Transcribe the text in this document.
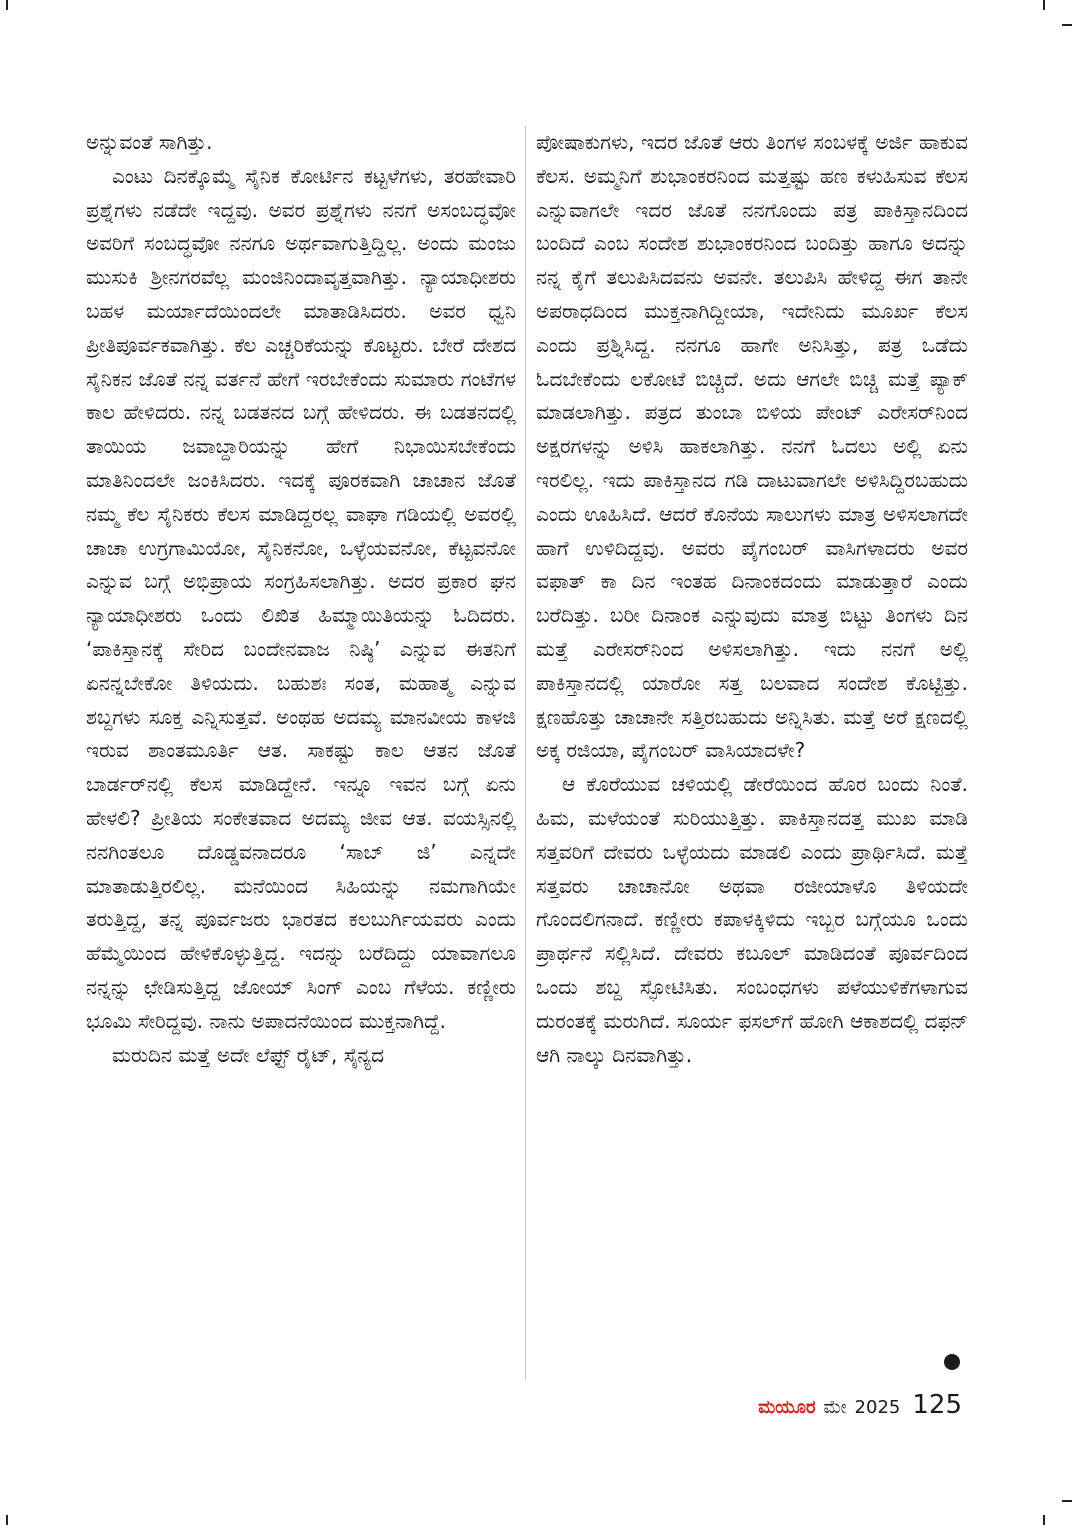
ಅನ್ನುವಂತೆ ಸಾಗಿತ್ತು.

ಎಂಟು ದಿನಕ್ಕೊಮ್ಮೆ ಸೈನಿಕ ಕೋರ್ಟಿನ ಕಟ್ಟಳೆಗಳು, ತರಹೇವಾರಿ ಪ್ರಶ್ನೆಗಳು ನಡೆದೇ ಇದ್ದವು. ಅವರ ಪ್ರಶ್ನೆಗಳು ನನಗೆ ಅಸಂಬದ್ಧವೋ ಅವರಿಗೆ ಸಂಬದ್ಧವೋ ನನಗೂ ಅರ್ಥವಾಗುತ್ತಿದ್ದಿಲ್ಲ. ಅಂದು ಮಂಜು ಮುಸುಕಿ ಶ್ರೀನಗರವೆಲ್ಲ ಮಂಜಿನಿಂದಾವೃತ್ತವಾಗಿತ್ತು. ನ್ಯಾಯಾಧೀಶರು ಬಹಳ ಮರ್ಯಾದೆಯಿಂದಲೇ ಮಾತಾಡಿಸಿದರು. ಅವರ ಧ್ವನಿ ಪ್ರೀತಿಪೂರ್ವಕವಾಗಿತ್ತು. ಕೆಲ ಎಚ್ಚರಿಕೆಯನ್ನು ಕೊಟ್ಟರು. ಬೇರೆ ದೇಶದ ಸೈನಿಕನ ಜೊತೆ ನನ್ನ ವರ್ತನೆ ಹೇಗೆ ಇರಬೇಕೆಂದು ಸುಮಾರು ಗಂಟೆಗಳ ಕಾಲ ಹೇಳಿದರು. ನನ್ನ ಬಡತನದ ಬಗ್ಗೆ ಹೇಳಿದರು. ಈ ಬಡತನದಲ್ಲಿ ತಾಯಿಯ ಜವಾಬ್ದಾರಿಯನ್ನು ಹೇಗೆ ನಿಭಾಯಿಸಬೇಕೆಂದು ಮಾತಿನಿಂದಲೇ ಜಂಕಿಸಿದರು. ಇದಕ್ಕೆ ಪೂರಕವಾಗಿ ಚಾಚಾನ ಜೊತೆ ನಮ್ಮ ಕೆಲ ಸೈನಿಕರು ಕೆಲಸ ಮಾಡಿದ್ದರಲ್ಲ ವಾಘಾ ಗಡಿಯಲ್ಲಿ ಅವರಲ್ಲಿ ಚಾಚಾ ಉಗ್ರಗಾಮಿಯೋ, ಸೈನಿಕನೋ, ಒಳ್ಳೆಯವನೋ, ಕೆಟ್ಟವನೋ ಎನ್ನುವ ಬಗ್ಗೆ ಅಭಿಪ್ರಾಯ ಸಂಗ್ರಹಿಸಲಾಗಿತ್ತು. ಅದರ ಪ್ರಕಾರ ಘನ ನ್ಯಾಯಾಧೀಶರು ಒಂದು ಲಿಖಿತ ಹಿಮ್ಮಾಯಿತಿಯನ್ನು ಓದಿದರು. ‘ಪಾಕಿಸ್ತಾನಕ್ಕೆ ಸೇರಿದ ಬಂದೇನವಾಜ ನಿಷ್ಠಿ’ ಎನ್ನುವ ಈತನಿಗೆ ಏನನ್ನಬೇಕೋ ತಿಳಿಯದು. ಬಹುಶಃ ಸಂತ, ಮಹಾತ್ಮ ಎನ್ನುವ ಶಬ್ದಗಳು ಸೂಕ್ತ ಎನ್ನಿಸುತ್ತವೆ. ಅಂಥಹ ಅದಮ್ಯ ಮಾನವೀಯ ಕಾಳಜಿ ಇರುವ ಶಾಂತಮೂರ್ತಿ ಆತ. ಸಾಕಷ್ಟು ಕಾಲ ಆತನ ಜೊತೆ ಬಾರ್ಡರ್‌ನಲ್ಲಿ ಕೆಲಸ ಮಾಡಿದ್ದೇನೆ. ಇನ್ನೂ ಇವನ ಬಗ್ಗೆ ಏನು ಹೇಳಲಿ? ಪ್ರೀತಿಯ ಸಂಕೇತವಾದ ಅದಮ್ಯ ಜೀವ ಆತ. ವಯಸ್ಸಿನಲ್ಲಿ ನನಗಿಂತಲೂ ದೊಡ್ಡವನಾದರೂ ‘ಸಾಬ್ ಜಿ’ ಎನ್ನದೇ ಮಾತಾಡುತ್ತಿರಲಿಲ್ಲ. ಮನೆಯಿಂದ ಸಿಹಿಯನ್ನು ನಮಗಾಗಿಯೇ ತರುತ್ತಿದ್ದ, ತನ್ನ ಪೂರ್ವಜರು ಭಾರತದ ಕಲಬುರ್ಗಿಯವರು ಎಂದು ಹೆಮ್ಮೆಯಿಂದ ಹೇಳಿಕೊಳ್ಳುತ್ತಿದ್ದ. ಇದನ್ನು ಬರೆದಿದ್ದು ಯಾವಾಗಲೂ ನನ್ನನ್ನು ಛೇಡಿಸುತ್ತಿದ್ದ ಜೋಯ್ ಸಿಂಗ್ ಎಂಬ ಗೆಳೆಯ. ಕಣ್ಣೀರು ಭೂಮಿ ಸೇರಿದ್ದವು. ನಾನು ಅಪಾದನೆಯಿಂದ ಮುಕ್ತನಾಗಿದ್ದೆ.

ಮರುದಿನ ಮತ್ತೆ ಅದೇ ಲೆಫ್ಟ್ ರೈಟ್, ಸೈನ್ಯದ

ಪೋಷಾಕುಗಳು, ಇದರ ಜೊತೆ ಆರು ತಿಂಗಳ ಸಂಬಳಕ್ಕೆ ಅರ್ಜಿ ಹಾಕುವ ಕೆಲಸ. ಅಮ್ಮನಿಗೆ ಶುಭಾಂಕರನಿಂದ ಮತ್ತಷ್ಟು ಹಣ ಕಳುಹಿಸುವ ಕೆಲಸ ಎನ್ನುವಾಗಲೇ ಇದರ ಜೊತೆ ನನಗೊಂದು ಪತ್ರ ಪಾಕಿಸ್ತಾನದಿಂದ ಬಂದಿದೆ ಎಂಬ ಸಂದೇಶ ಶುಭಾಂಕರನಿಂದ ಬಂದಿತ್ತು ಹಾಗೂ ಅದನ್ನು ನನ್ನ ಕೈಗೆ ತಲುಪಿಸಿದವನು ಅವನೇ. ತಲುಪಿಸಿ ಹೇಳಿದ್ದ ಈಗ ತಾನೇ ಅಪರಾಧದಿಂದ ಮುಕ್ತನಾಗಿದ್ದೀಯಾ, ಇದೇನಿದು ಮೂರ್ಖ ಕೆಲಸ ಎಂದು ಪ್ರಶ್ನಿಸಿದ್ದ. ನನಗೂ ಹಾಗೇ ಅನಿಸಿತ್ತು, ಪತ್ರ ಒಡೆದು ಓದಬೇಕೆಂದು ಲಕೋಟೆ ಬಿಚ್ಚಿದೆ. ಅದು ಆಗಲೇ ಬಿಚ್ಚಿ ಮತ್ತೆ ಪ್ಯಾಕ್ ಮಾಡಲಾಗಿತ್ತು. ಪತ್ರದ ತುಂಬಾ ಬಿಳಿಯ ಪೇಂಟ್ ಎರೇಸರ್‌ನಿಂದ ಅಕ್ಷರಗಳನ್ನು ಅಳಿಸಿ ಹಾಕಲಾಗಿತ್ತು. ನನಗೆ ಓದಲು ಅಲ್ಲಿ ಏನು ಇರಲಿಲ್ಲ. ಇದು ಪಾಕಿಸ್ತಾನದ ಗಡಿ ದಾಟುವಾಗಲೇ ಅಳಿಸಿದ್ದಿರಬಹುದು ಎಂದು ಊಹಿಸಿದೆ. ಆದರೆ ಕೊನೆಯ ಸಾಲುಗಳು ಮಾತ್ರ ಅಳಿಸಲಾಗದೇ ಹಾಗೆ ಉಳಿದಿದ್ದವು. ಅವರು ಪೈಗಂಬರ್ ವಾಸಿಗಳಾದರು ಅವರ ವಫಾತ್ ಕಾ ದಿನ ಇಂತಹ ದಿನಾಂಕದಂದು ಮಾಡುತ್ತಾರೆ ಎಂದು ಬರೆದಿತ್ತು. ಬರೀ ದಿನಾಂಕ ಎನ್ನುವುದು ಮಾತ್ರ ಬಿಟ್ಟು ತಿಂಗಳು ದಿನ ಮತ್ತೆ ಎರೇಸರ್‌ನಿಂದ ಅಳಿಸಲಾಗಿತ್ತು. ಇದು ನನಗೆ ಅಲ್ಲಿ ಪಾಕಿಸ್ತಾನದಲ್ಲಿ ಯಾರೋ ಸತ್ತ ಬಲವಾದ ಸಂದೇಶ ಕೊಟ್ಟಿತ್ತು. ಕ್ಷಣಹೊತ್ತು ಚಾಚಾನೇ ಸತ್ತಿರಬಹುದು ಅನ್ನಿಸಿತು. ಮತ್ತೆ ಅರೆ ಕ್ಷಣದಲ್ಲಿ ಅಕ್ಕ ರಜಿಯಾ, ಪೈಗಂಬರ್ ವಾಸಿಯಾದಳೇ?

ಆ ಕೊರೆಯುವ ಚಳಿಯಲ್ಲಿ ಡೇರೆಯಿಂದ ಹೊರ ಬಂದು ನಿಂತೆ. ಹಿಮ, ಮಳೆಯಂತೆ ಸುರಿಯುತ್ತಿತ್ತು. ಪಾಕಿಸ್ತಾನದತ್ತ ಮುಖ ಮಾಡಿ ಸತ್ತವರಿಗೆ ದೇವರು ಒಳ್ಳೆಯದು ಮಾಡಲಿ ಎಂದು ಪ್ರಾರ್ಥಿಸಿದೆ. ಮತ್ತೆ ಸತ್ತವರು ಚಾಚಾನೋ ಅಥವಾ ರಜೀಯಾಳೊ ತಿಳಿಯದೇ ಗೊಂದಲಿಗನಾದೆ. ಕಣ್ಣೀರು ಕಪಾಳಕ್ಕಿಳಿದು ಇಬ್ಬರ ಬಗ್ಗೆಯೂ ಒಂದು ಪ್ರಾರ್ಥನೆ ಸಲ್ಲಿಸಿದೆ. ದೇವರು ಕಬೂಲ್ ಮಾಡಿದಂತೆ ಪೂರ್ವದಿಂದ ಒಂದು ಶಬ್ದ ಸ್ಫೋಟಿಸಿತು. ಸಂಬಂಧಗಳು ಪಳೆಯುಳಿಕೆಗಳಾಗುವ ದುರಂತಕ್ಕೆ ಮರುಗಿದೆ. ಸೂರ್ಯ ಫಸಲ್‌ಗೆ ಹೋಗಿ ಆಕಾಶದಲ್ಲಿ ದಫನ್ ಆಗಿ ನಾಲ್ಕು ದಿನವಾಗಿತ್ತು.

ಮಯೂರ ಮೇ 2025 125
